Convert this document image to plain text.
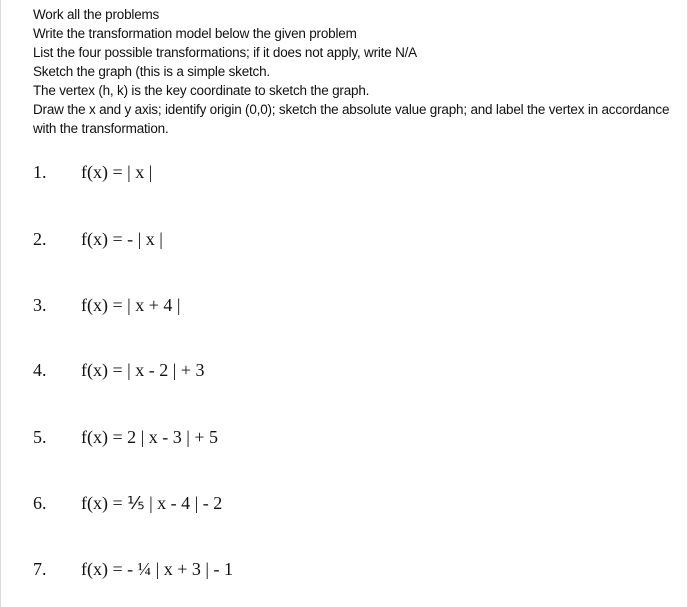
Work all the problems
Write the transformation model below the given problem
List the four possible transformations; if it does not apply, write N/A
Sketch the graph (this is a simple sketch.
The vertex (h, k) is the key coordinate to sketch the graph.
Draw the x and y axis; identify origin (0,0); sketch the absolute value graph; and label the vertex in accordance with the transformation.
1. f(x) = | x |
2. f(x) = - | x |
3. f(x) = | x + 4 |
4. f(x) = | x - 2 | + 3
5. f(x) = 2 | x - 3 | + 5
6. f(x) = ⅕ | x - 4 | - 2
7. f(x) = - ¼ | x + 3 | - 1
